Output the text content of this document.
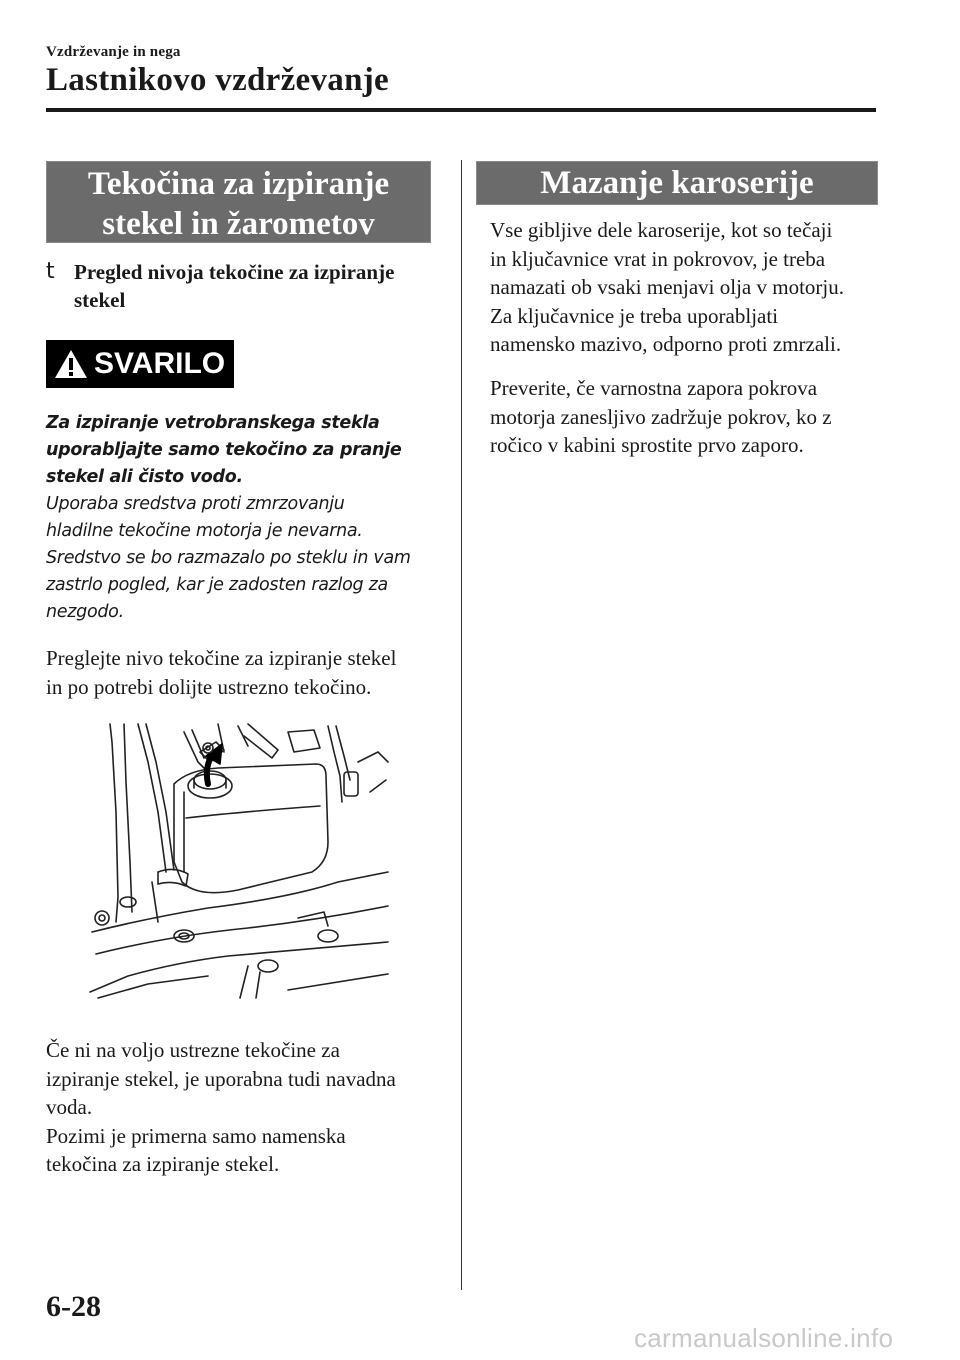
Vzdrževanje in nega
Lastnikovo vzdrževanje
Tekočina za izpiranje
stekel in žarometov
t Pregled nivoja tekočine za izpiranje
stekel
SVARILO
Za izpiranje vetrobranskega stekla
uporabljajte samo tekočino za pranje
stekel ali čisto vodo.
Uporaba sredstva proti zmrzovanju
hladilne tekočine motorja je nevarna.
Sredstvo se bo razmazalo po steklu in vam
zastrlo pogled, kar je zadosten razlog za
nezgodo.
Preglejte nivo tekočine za izpiranje stekel
in po potrebi dolijte ustrezno tekočino.
Če ni na voljo ustrezne tekočine za
izpiranje stekel, je uporabna tudi navadna
voda.
Pozimi je primerna samo namenska
tekočina za izpiranje stekel.
Mazanje karoserije
Vse gibljive dele karoserije, kot so tečaji
in ključavnice vrat in pokrovov, je treba
namazati ob vsaki menjavi olja v motorju.
Za ključavnice je treba uporabljati
namensko mazivo, odporno proti zmrzali.
Preverite, če varnostna zapora pokrova
motorja zanesljivo zadržuje pokrov, ko z
ročico v kabini sprostite prvo zaporo.
6-28
carmanualsonline.info
